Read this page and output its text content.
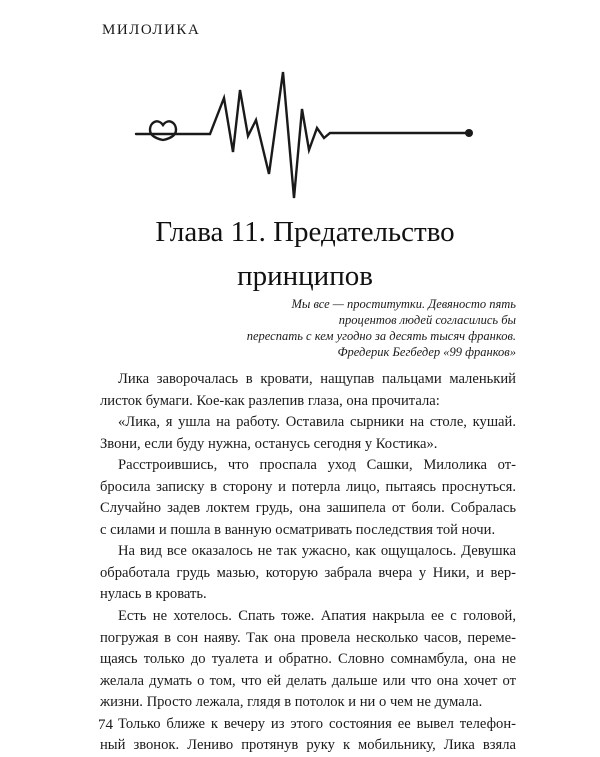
МИЛОЛИКА
Глава 11. Предательство
принципов
Мы все — проститутки. Девяносто пять
процентов людей согласились бы
переспать с кем угодно за десять тысяч франков.
Фредерик Бегбедер «99 франков»

Лика заворочалась в кровати, нащупав пальцами маленький
листок бумаги. Кое-как разлепив глаза, она прочитала:

«Лика, я ушла на работу. Оставила сырники на столе, кушай.
Звони, если буду нужна, останусь сегодня у Костика».

Расстроившись, что проспала уход Сашки, Милолика от-
бросила записку в сторону и потерла лицо, пытаясь проснуться.
Случайно задев локтем грудь, она зашипела от боли. Собралась
с силами и пошла в ванную осматривать последствия той ночи.

На вид все оказалось не так ужасно, как ощущалось. Девушка
обработала грудь мазью, которую забрала вчера у Ники, и вер-
нулась в кровать.

Есть не хотелось. Спать тоже. Апатия накрыла ее с головой,
погружая в сон наяву. Так она провела несколько часов, переме-
щаясь только до туалета и обратно. Словно сомнамбула, она не
желала думать о том, что ей делать дальше или что она хочет от
жизни. Просто лежала, глядя в потолок и ни о чем не думала.

Только ближе к вечеру из этого состояния ее вывел телефон-
ный звонок. Лениво протянув руку к мобильнику, Лика взяла

74
